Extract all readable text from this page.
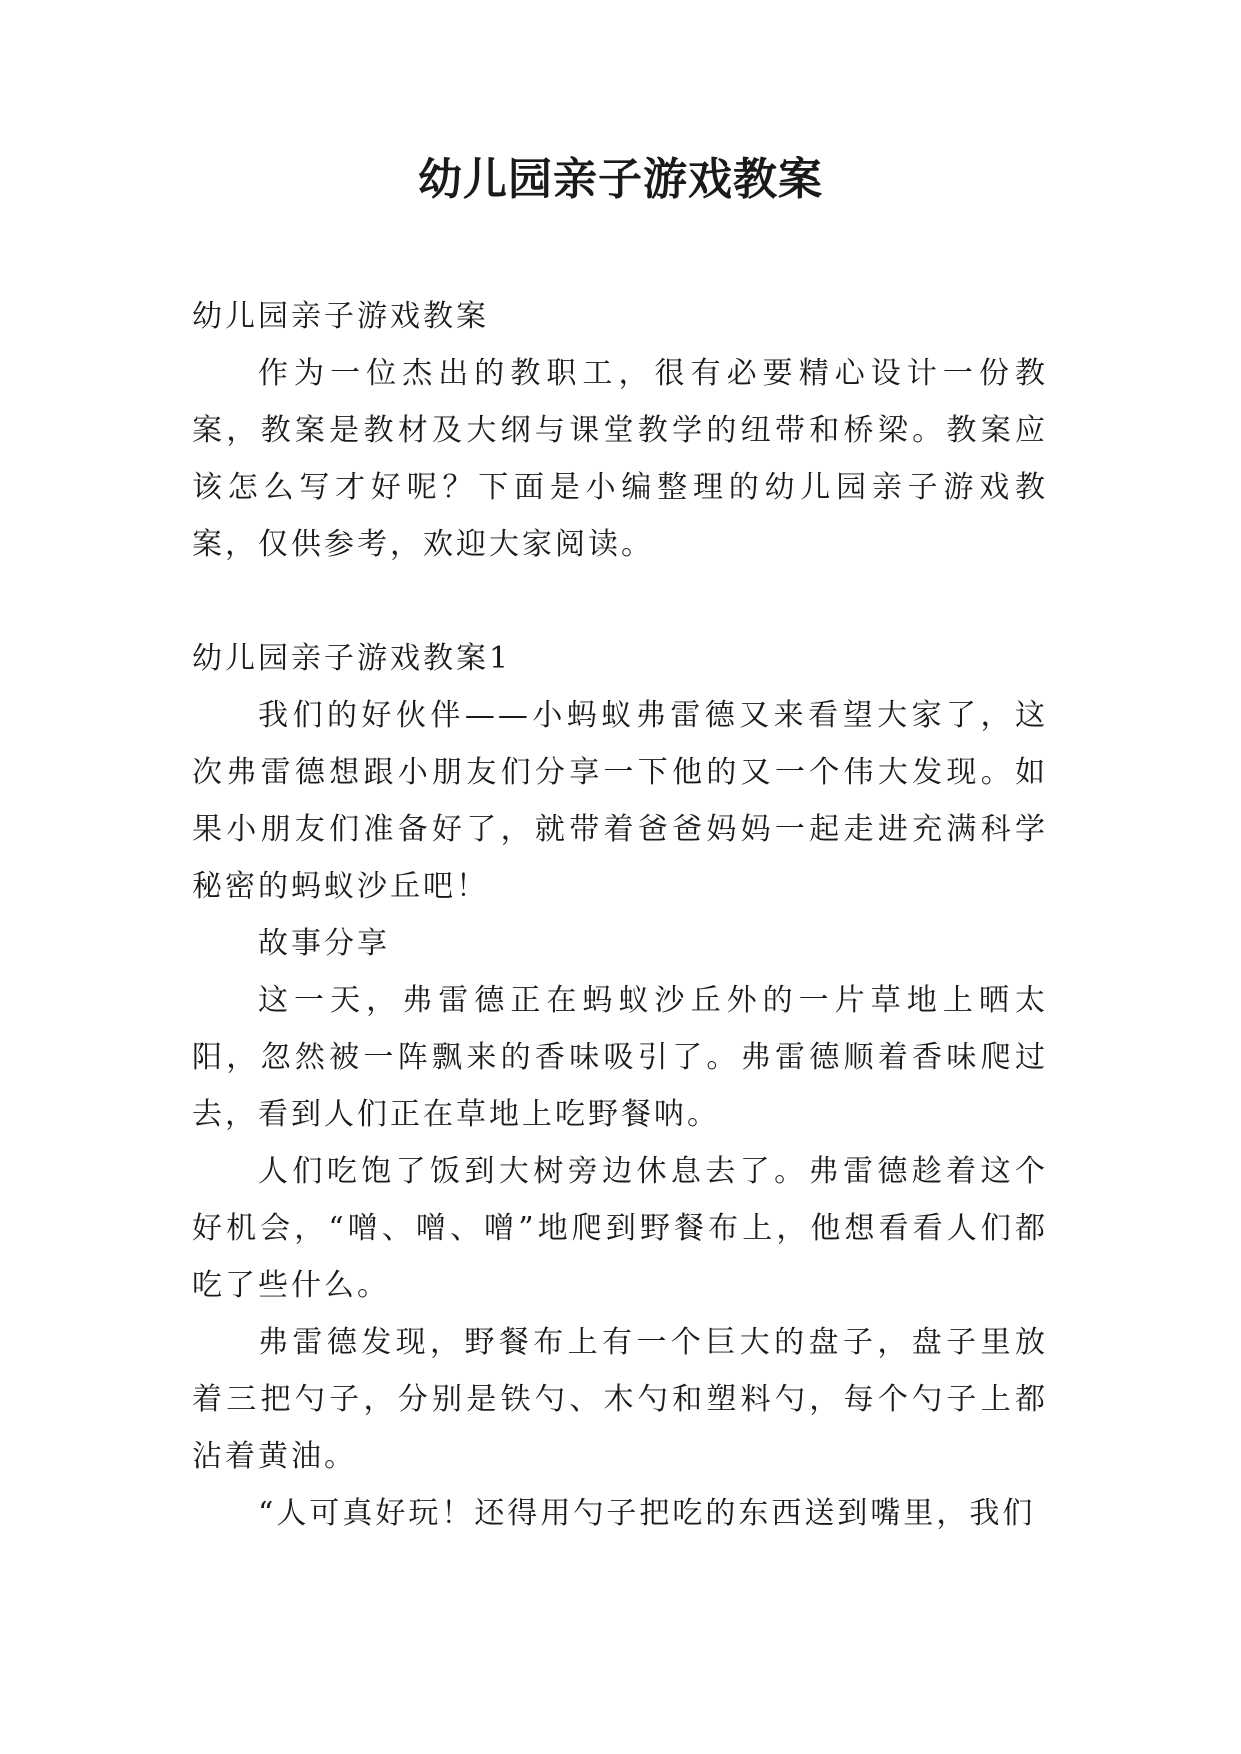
幼儿园亲子游戏教案

幼儿园亲子游戏教案

作为一位杰出的教职工，很有必要精心设计一份教案，教案是教材及大纲与课堂教学的纽带和桥梁。教案应该怎么写才好呢？下面是小编整理的幼儿园亲子游戏教案，仅供参考，欢迎大家阅读。

幼儿园亲子游戏教案1

我们的好伙伴——小蚂蚁弗雷德又来看望大家了，这次弗雷德想跟小朋友们分享一下他的又一个伟大发现。如果小朋友们准备好了，就带着爸爸妈妈一起走进充满科学秘密的蚂蚁沙丘吧！

故事分享

这一天，弗雷德正在蚂蚁沙丘外的一片草地上晒太阳，忽然被一阵飘来的香味吸引了。弗雷德顺着香味爬过去，看到人们正在草地上吃野餐呐。

人们吃饱了饭到大树旁边休息去了。弗雷德趁着这个好机会，“噌、噌、噌”地爬到野餐布上，他想看看人们都吃了些什么。

弗雷德发现，野餐布上有一个巨大的盘子，盘子里放着三把勺子，分别是铁勺、木勺和塑料勺，每个勺子上都沾着黄油。

“人可真好玩！还得用勺子把吃的东西送到嘴里，我们
